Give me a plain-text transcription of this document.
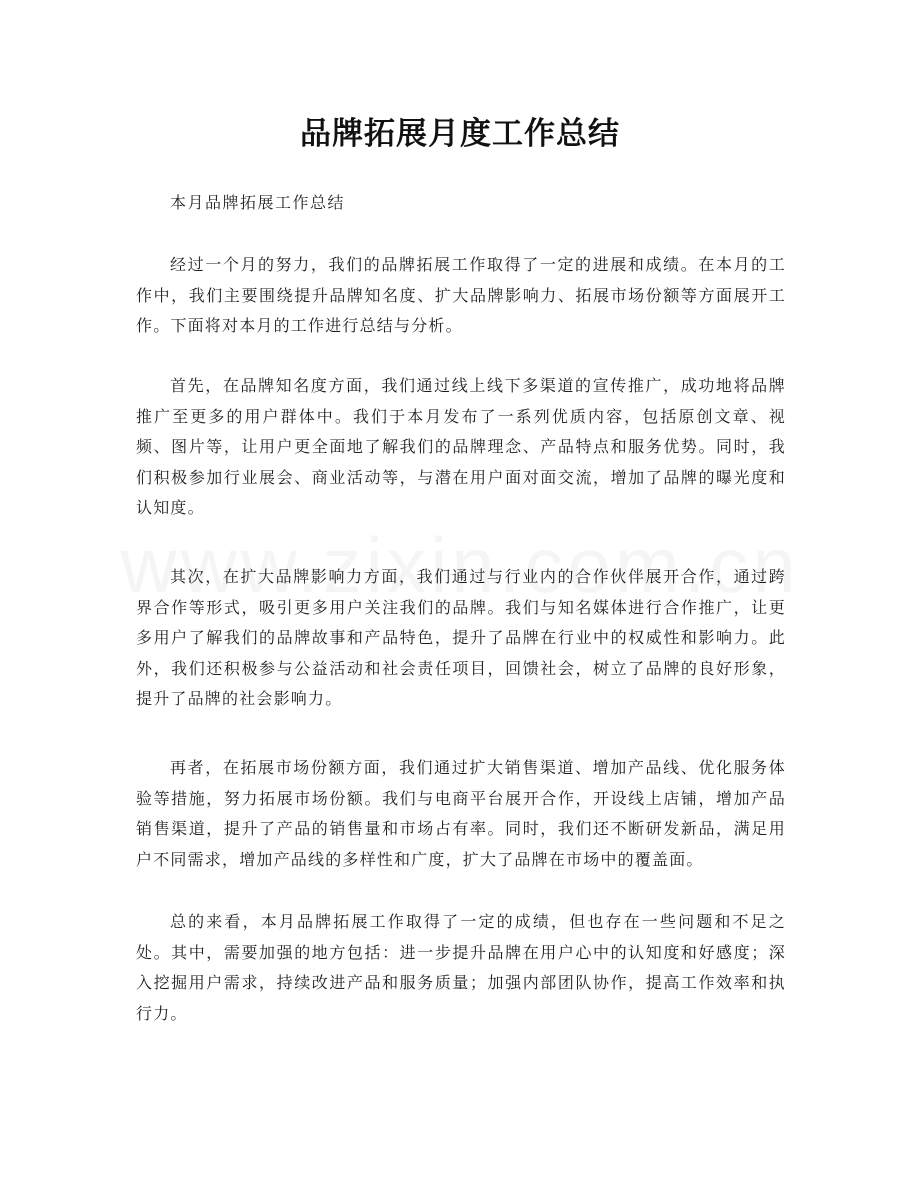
品牌拓展月度工作总结
本月品牌拓展工作总结

经过一个月的努力，我们的品牌拓展工作取得了一定的进展和成绩。在本月的工作中，我们主要围绕提升品牌知名度、扩大品牌影响力、拓展市场份额等方面展开工作。下面将对本月的工作进行总结与分析。

首先，在品牌知名度方面，我们通过线上线下多渠道的宣传推广，成功地将品牌推广至更多的用户群体中。我们于本月发布了一系列优质内容，包括原创文章、视频、图片等，让用户更全面地了解我们的品牌理念、产品特点和服务优势。同时，我们积极参加行业展会、商业活动等，与潜在用户面对面交流，增加了品牌的曝光度和认知度。

其次，在扩大品牌影响力方面，我们通过与行业内的合作伙伴展开合作，通过跨界合作等形式，吸引更多用户关注我们的品牌。我们与知名媒体进行合作推广，让更多用户了解我们的品牌故事和产品特色，提升了品牌在行业中的权威性和影响力。此外，我们还积极参与公益活动和社会责任项目，回馈社会，树立了品牌的良好形象，提升了品牌的社会影响力。

再者，在拓展市场份额方面，我们通过扩大销售渠道、增加产品线、优化服务体验等措施，努力拓展市场份额。我们与电商平台展开合作，开设线上店铺，增加产品销售渠道，提升了产品的销售量和市场占有率。同时，我们还不断研发新品，满足用户不同需求，增加产品线的多样性和广度，扩大了品牌在市场中的覆盖面。

总的来看，本月品牌拓展工作取得了一定的成绩，但也存在一些问题和不足之处。其中，需要加强的地方包括：进一步提升品牌在用户心中的认知度和好感度；深入挖掘用户需求，持续改进产品和服务质量；加强内部团队协作，提高工作效率和执行力。
